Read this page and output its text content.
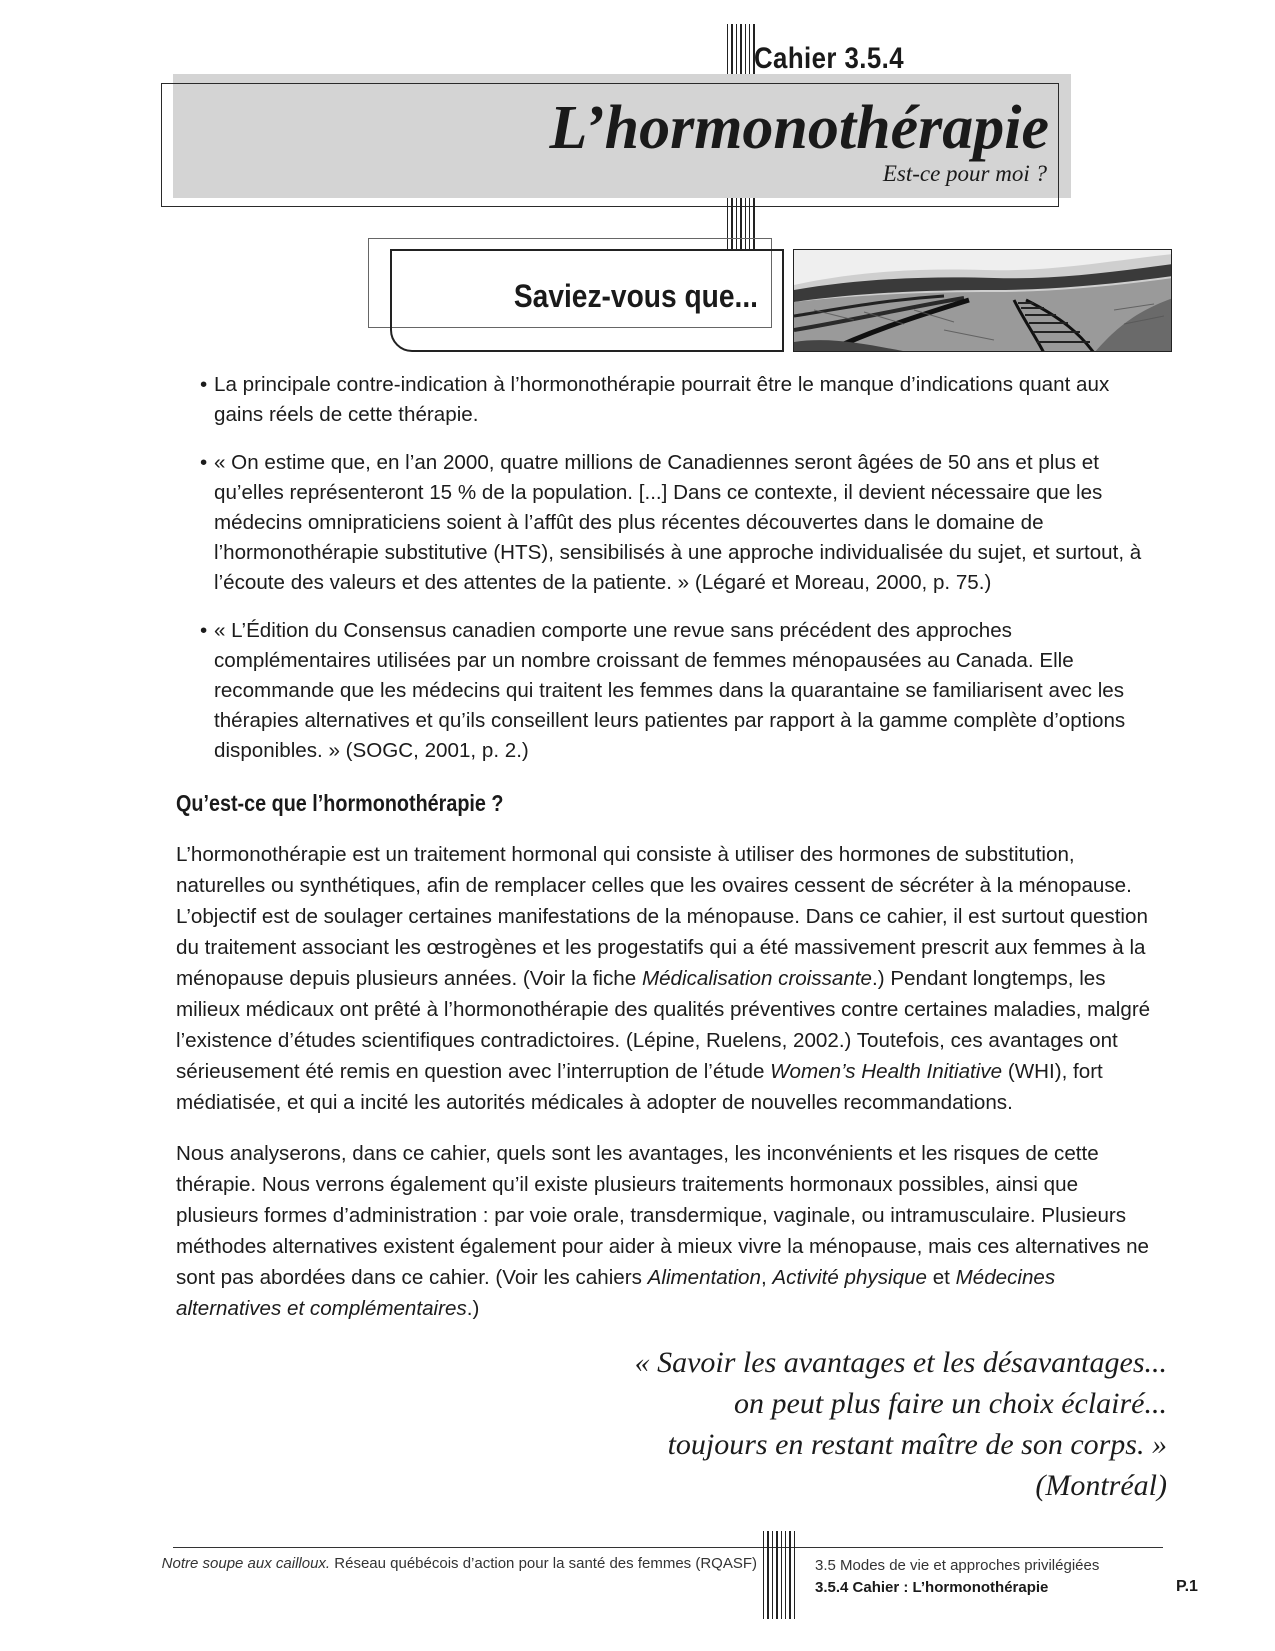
Cahier 3.5.4
L’hormonothérapie
Est-ce pour moi ?
Saviez-vous que...
• La principale contre-indication à l’hormonothérapie pourrait être le manque d’indications quant aux gains réels de cette thérapie.
• « On estime que, en l’an 2000, quatre millions de Canadiennes seront âgées de 50 ans et plus et qu’elles représenteront 15 % de la population. [...] Dans ce contexte, il devient nécessaire que les médecins omnipraticiens soient à l’affût des plus récentes découvertes dans le domaine de l’hormonothérapie substitutive (HTS), sensibilisés à une approche individualisée du sujet, et surtout, à l’écoute des valeurs et des attentes de la patiente. » (Légaré et Moreau, 2000, p. 75.)
• « L’Édition du Consensus canadien comporte une revue sans précédent des approches complémentaires utilisées par un nombre croissant de femmes ménopausées au Canada. Elle recommande que les médecins qui traitent les femmes dans la quarantaine se familiarisent avec les thérapies alternatives et qu’ils conseillent leurs patientes par rapport à la gamme complète d’options disponibles. » (SOGC, 2001, p. 2.)
Qu’est-ce que l’hormonothérapie ?

L’hormonothérapie est un traitement hormonal qui consiste à utiliser des hormones de substitution, naturelles ou synthétiques, afin de remplacer celles que les ovaires cessent de sécréter à la ménopause. L’objectif est de soulager certaines manifestations de la ménopause. Dans ce cahier, il est surtout question du traitement associant les œstrogènes et les progestatifs qui a été massivement prescrit aux femmes à la ménopause depuis plusieurs années. (Voir la fiche Médicalisation croissante.) Pendant longtemps, les milieux médicaux ont prêté à l’hormonothérapie des qualités préventives contre certaines maladies, malgré l’existence d’études scientifiques contradictoires. (Lépine, Ruelens, 2002.) Toutefois, ces avantages ont sérieusement été remis en question avec l’interruption de l’étude Women’s Health Initiative (WHI), fort médiatisée, et qui a incité les autorités médicales à adopter de nouvelles recommandations.

Nous analyserons, dans ce cahier, quels sont les avantages, les inconvénients et les risques de cette thérapie. Nous verrons également qu’il existe plusieurs traitements hormonaux possibles, ainsi que plusieurs formes d’administration : par voie orale, transdermique, vaginale, ou intramusculaire. Plusieurs méthodes alternatives existent également pour aider à mieux vivre la ménopause, mais ces alternatives ne sont pas abordées dans ce cahier. (Voir les cahiers Alimentation, Activité physique et Médecines alternatives et complémentaires.)

« Savoir les avantages et les désavantages...
on peut plus faire un choix éclairé...
toujours en restant maître de son corps. »
(Montréal)
Notre soupe aux cailloux. Réseau québécois d’action pour la santé des femmes (RQASF)	3.5 Modes de vie et approches privilégiées
3.5.4 Cahier : L’hormonothérapie	P.1
